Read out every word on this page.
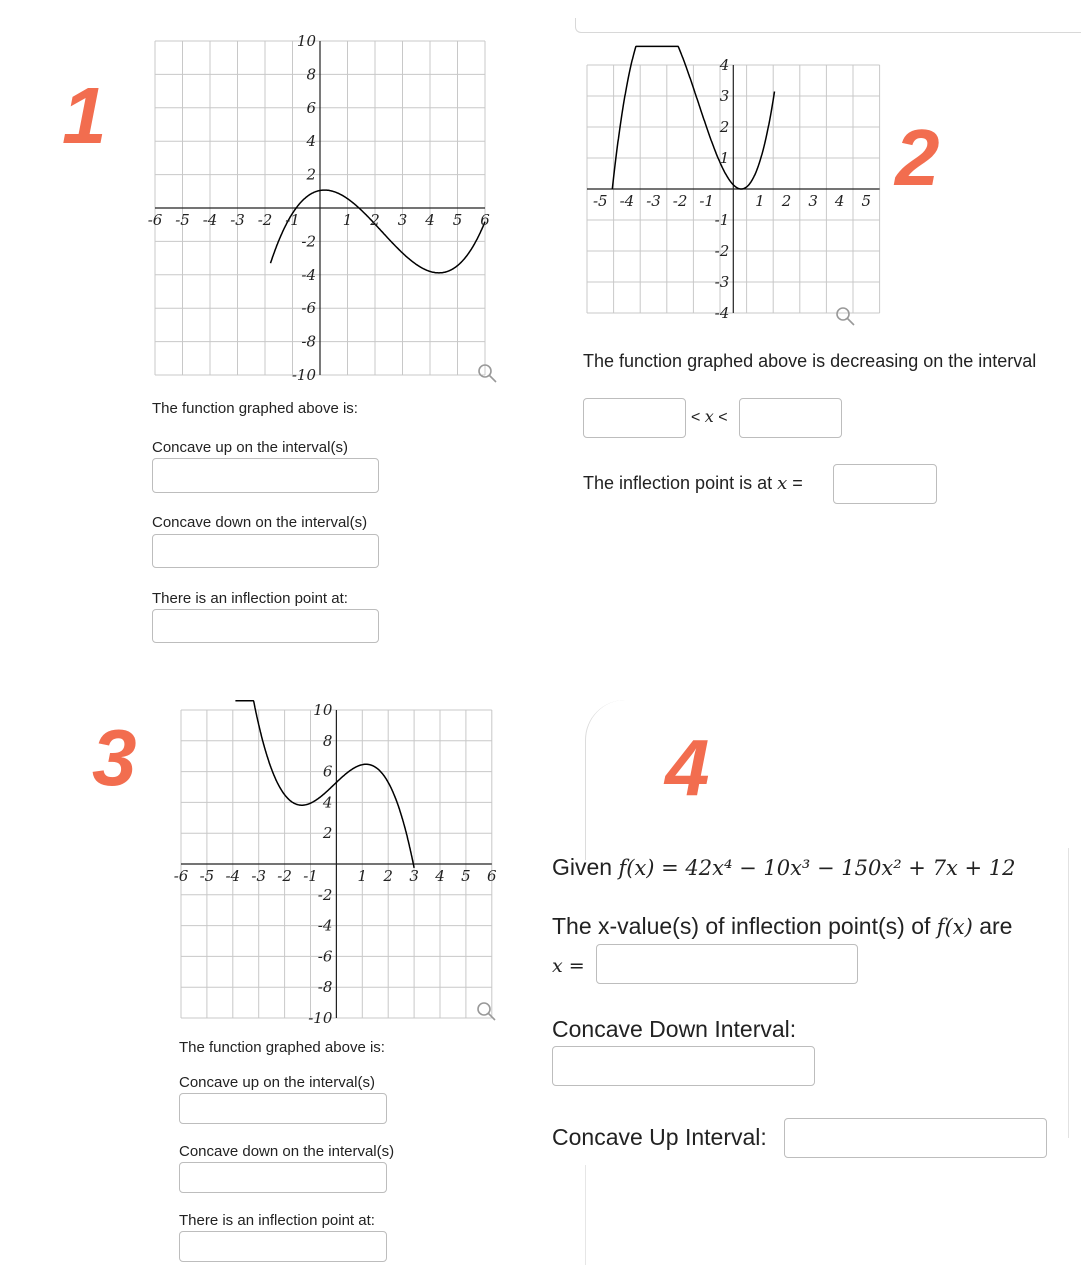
1
-6 -5 -4 -3 -2 -1	1 2 3 4 5 6
10
8
6
4
2
-2
-4
-6
-8
-10
The function graphed above is:
Concave up on the interval(s)
Concave down on the interval(s)
There is an inflection point at:
2
-5 -4 -3 -2 -1	1 2 3 4 5
4
3
2
1
-1
-2
-3
-4
The function graphed above is decreasing on the interval
< x <
The inflection point is at x =
3
-6 -5 -4 -3 -2 -1	1 2 3 4 5 6
10
8
6
4
2
-2
-4
-6
-8
-10
The function graphed above is:
Concave up on the interval(s)
Concave down on the interval(s)
There is an inflection point at:
4
Given f(x) = 42x⁴ − 10x³ − 150x² + 7x + 12
The x-value(s) of inflection point(s) of f(x) are
x =
Concave Down Interval:
Concave Up Interval:
